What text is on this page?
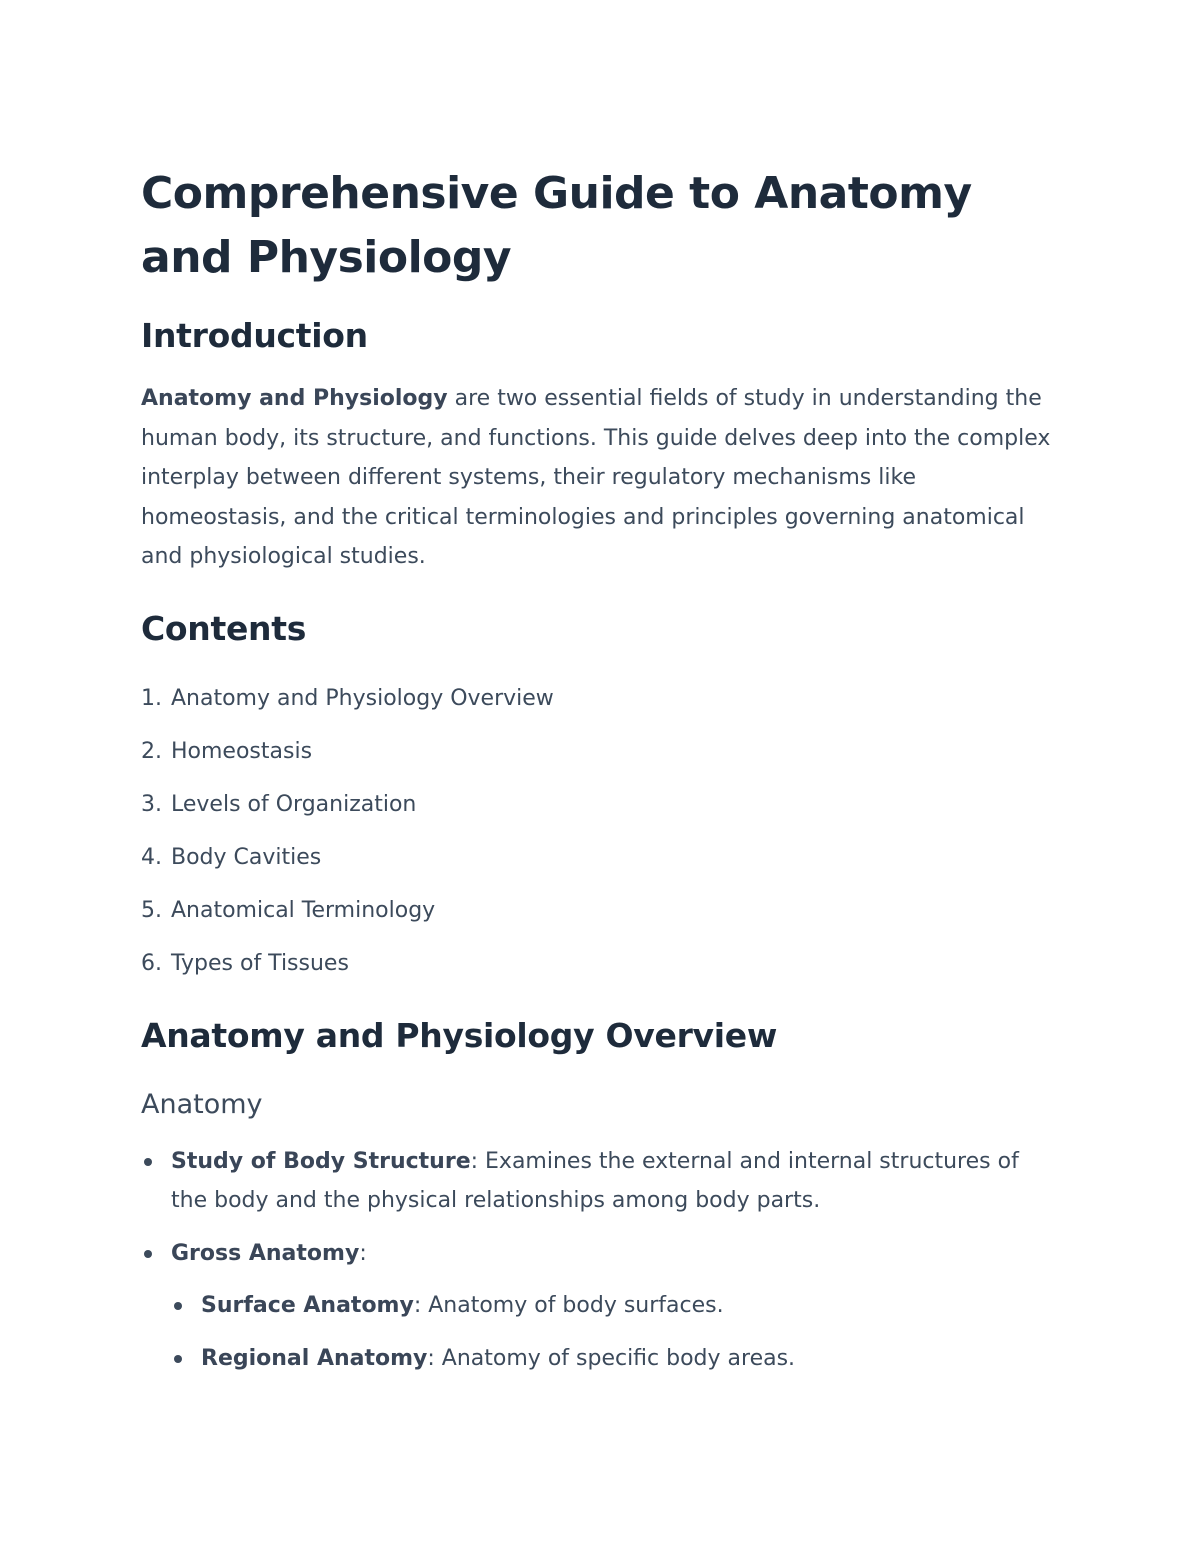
Comprehensive Guide to Anatomy and Physiology
Introduction

Anatomy and Physiology are two essential fields of study in understanding the human body, its structure, and functions. This guide delves deep into the complex interplay between different systems, their regulatory mechanisms like homeostasis, and the critical terminologies and principles governing anatomical and physiological studies.

Contents
1. Anatomy and Physiology Overview
2. Homeostasis
3. Levels of Organization
4. Body Cavities
5. Anatomical Terminology
6. Types of Tissues
Anatomy and Physiology Overview
Anatomy
Study of Body Structure: Examines the external and internal structures of the body and the physical relationships among body parts.
Gross Anatomy:
Surface Anatomy: Anatomy of body surfaces.
Regional Anatomy: Anatomy of specific body areas.
